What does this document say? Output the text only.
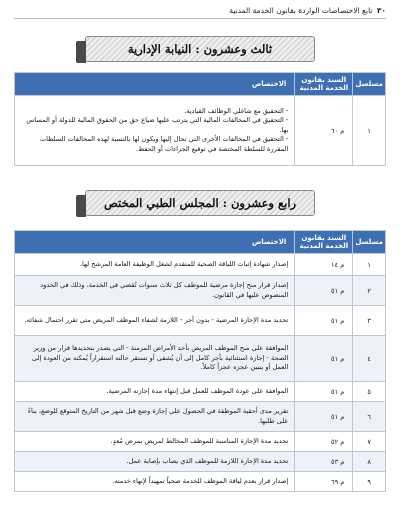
٣٠ تابع الاختصاصات الواردة بقانون الخدمة المدنية
ثالث وعشرون : النيابة الإدارية
مسلسل	السند بقانون الخدمة المدنية	الاختصاص
١	م ٦٠	- التحقيق مع شاغلي الوظائف القيادية.
- التحقيق في المخالفات المالية التي يترتب عليها ضياع حق من الحقوق المالية للدولة أو المساس بها.
- التحقيق في المخالفات الأخرى التي تحال إليها ويكون لها بالنسبة لهذه المخالفات السلطات المقررة للسلطة المختصة في توقيع الجزاءات أو الحفظ.
رابع وعشرون : المجلس الطبي المختص
مسلسل	السند بقانون الخدمة المدنية	الاختصاص
١	م ١٤	إصدار شهادة إثبات اللياقة الصحية للمتقدم لشغل الوظيفة العامة المرشح لها.
٢	م ٥١	إصدار قرار منح إجازة مرضية للموظف كل ثلاث سنوات تُقضي في الخدمة، وذلك في الحدود المنصوص عليها في القانون.
٣	م ٥١	تحديد مدة الإجازة المرضية - بدون أجر - اللازمة لشفاء الموظف المريض متى تقرر احتمال شفائه.
٤	م ٥١	الموافقة على منح الموظف المريض بأحد الأمراض المزمنة - التي يصدر بتحديدها قرار من وزير الصحة - إجازة استثنائية بأجر كامل إلى أن يُشفى أو تستقر حالته استقراراً يُمكنه من العودة إلى العمل أو يتبين عجزه عجزاً كاملاً.
٥	م ٥١	الموافقة على عودة الموظف للعمل قبل إنتهاء مدة إجازته المرضية.
٦	م ٥١	تقرير مدى أحقية الموظفة في الحصول على إجازة وضع قبل شهر من التاريخ المتوقع للوضع، بناءً على طلبها.
٧	م ٥٢	تحديد مدة الإجازة المناسبة للموظف المخالط لمريض بمرض مُعدٍ.
٨	م ٥٣	تحديد مدة الإجازة اللازمة للموظف الذي يصاب بإصابة عمل.
٩	م ٦٩	إصدار قرار بعدم لياقة الموظف للخدمة صحياً تمهيداً لإنهاء خدمته.
